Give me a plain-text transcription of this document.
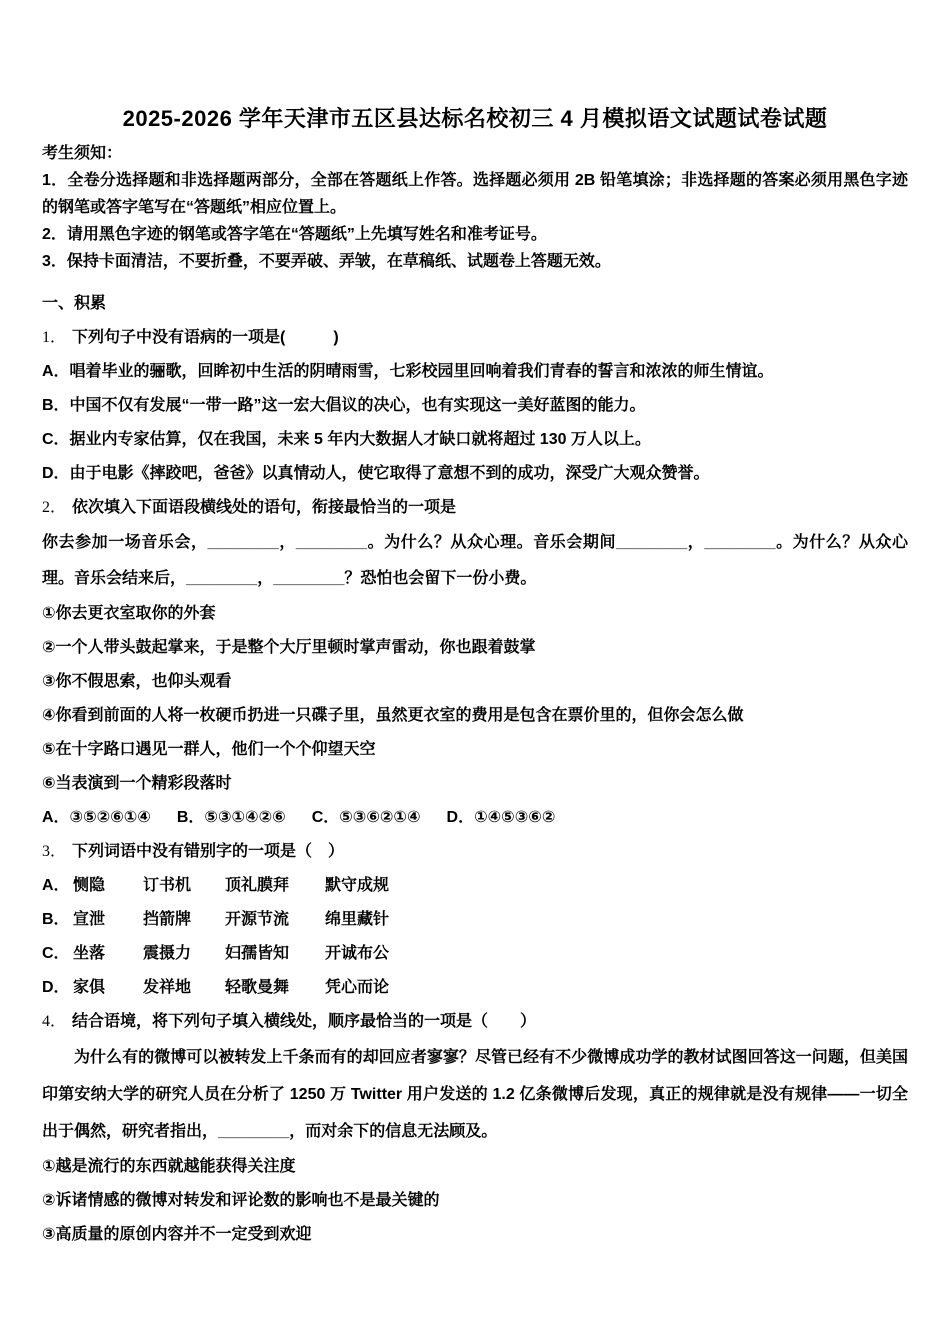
2025-2026 学年天津市五区县达标名校初三 4 月模拟语文试题试卷试题

考生须知：

1．全卷分选择题和非选择题两部分，全部在答题纸上作答。选择题必须用 2B 铅笔填涂；非选择题的答案必须用黑色字迹的钢笔或答字笔写在“答题纸”相应位置上。

2．请用黑色字迹的钢笔或答字笔在“答题纸”上先填写姓名和准考证号。

3．保持卡面清洁，不要折叠，不要弄破、弄皱，在草稿纸、试题卷上答题无效。

一、积累

1． 下列句子中没有语病的一项是(　　　)

A．唱着毕业的骊歌，回眸初中生活的阴晴雨雪，七彩校园里回响着我们青春的誓言和浓浓的师生情谊。

B．中国不仅有发展“一带一路”这一宏大倡议的决心，也有实现这一美好蓝图的能力。

C．据业内专家估算，仅在我国，未来 5 年内大数据人才缺口就将超过 130 万人以上。

D．由于电影《摔跤吧，爸爸》以真情动人，使它取得了意想不到的成功，深受广大观众赞誉。

2． 依次填入下面语段横线处的语句，衔接最恰当的一项是

你去参加一场音乐会，________，________。为什么？从众心理。音乐会期间________，________。为什么？从众心理。音乐会结来后，________，________？恐怕也会留下一份小费。

①你去更衣室取你的外套

②一个人带头鼓起掌来，于是整个大厅里顿时掌声雷动，你也跟着鼓掌

③你不假思索，也仰头观看

④你看到前面的人将一枚硬币扔进一只碟子里，虽然更衣室的费用是包含在票价里的，但你会怎么做

⑤在十字路口遇见一群人，他们一个个仰望天空

⑥当表演到一个精彩段落时

A．③⑤②⑥①④ B．⑤③①④②⑥ C．⑤③⑥②①④ D．①④⑤③⑥②

3． 下列词语中没有错别字的一项是（　）

A． 恻隐 订书机 顶礼膜拜 默守成规

B． 宣泄 挡箭牌 开源节流 绵里藏针

C． 坐落 震摄力 妇孺皆知 开诚布公

D． 家俱 发祥地 轻歌曼舞 凭心而论

4． 结合语境，将下列句子填入横线处，顺序最恰当的一项是（　　）

为什么有的微博可以被转发上千条而有的却回应者寥寥？尽管已经有不少微博成功学的教材试图回答这一问题，但美国印第安纳大学的研究人员在分析了 1250 万 Twitter 用户发送的 1.2 亿条微博后发现，真正的规律就是没有规律——一切全出于偶然，研究者指出，________，而对余下的信息无法顾及。

①越是流行的东西就越能获得关注度

②诉诸情感的微博对转发和评论数的影响也不是最关键的

③高质量的原创内容并不一定受到欢迎
